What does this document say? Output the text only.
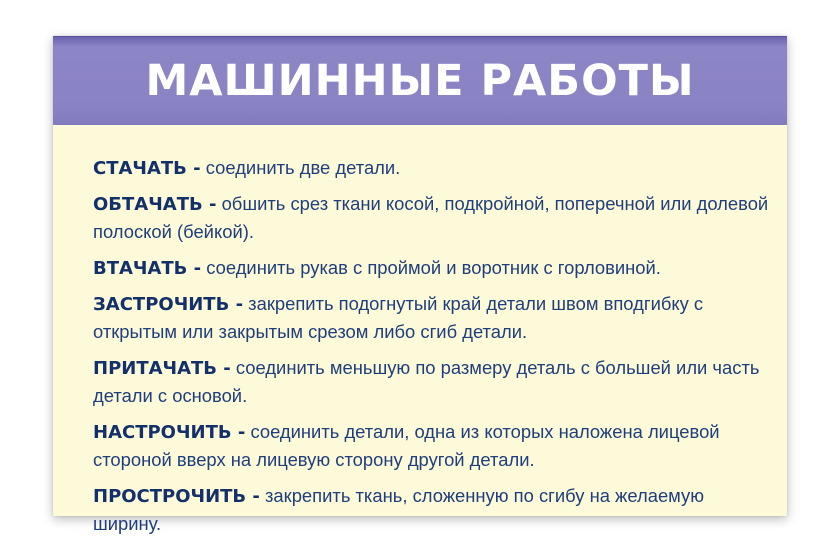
МАШИННЫЕ РАБОТЫ

СТАЧАТЬ - соединить две детали.

ОБТАЧАТЬ - обшить срез ткани косой, подкройной, поперечной или долевой полоской (бейкой).

ВТАЧАТЬ - соединить рукав с проймой и воротник с горловиной.

ЗАСТРОЧИТЬ - закрепить подогнутый край детали швом вподгибку с открытым или закрытым срезом либо сгиб детали.

ПРИТАЧАТЬ - соединить меньшую по размеру деталь с большей или часть детали с основой.

НАСТРОЧИТЬ - соединить детали, одна из которых наложена лицевой стороной вверх на лицевую сторону другой детали.

ПРОСТРОЧИТЬ - закрепить ткань, сложенную по сгибу на желаемую ширину.
